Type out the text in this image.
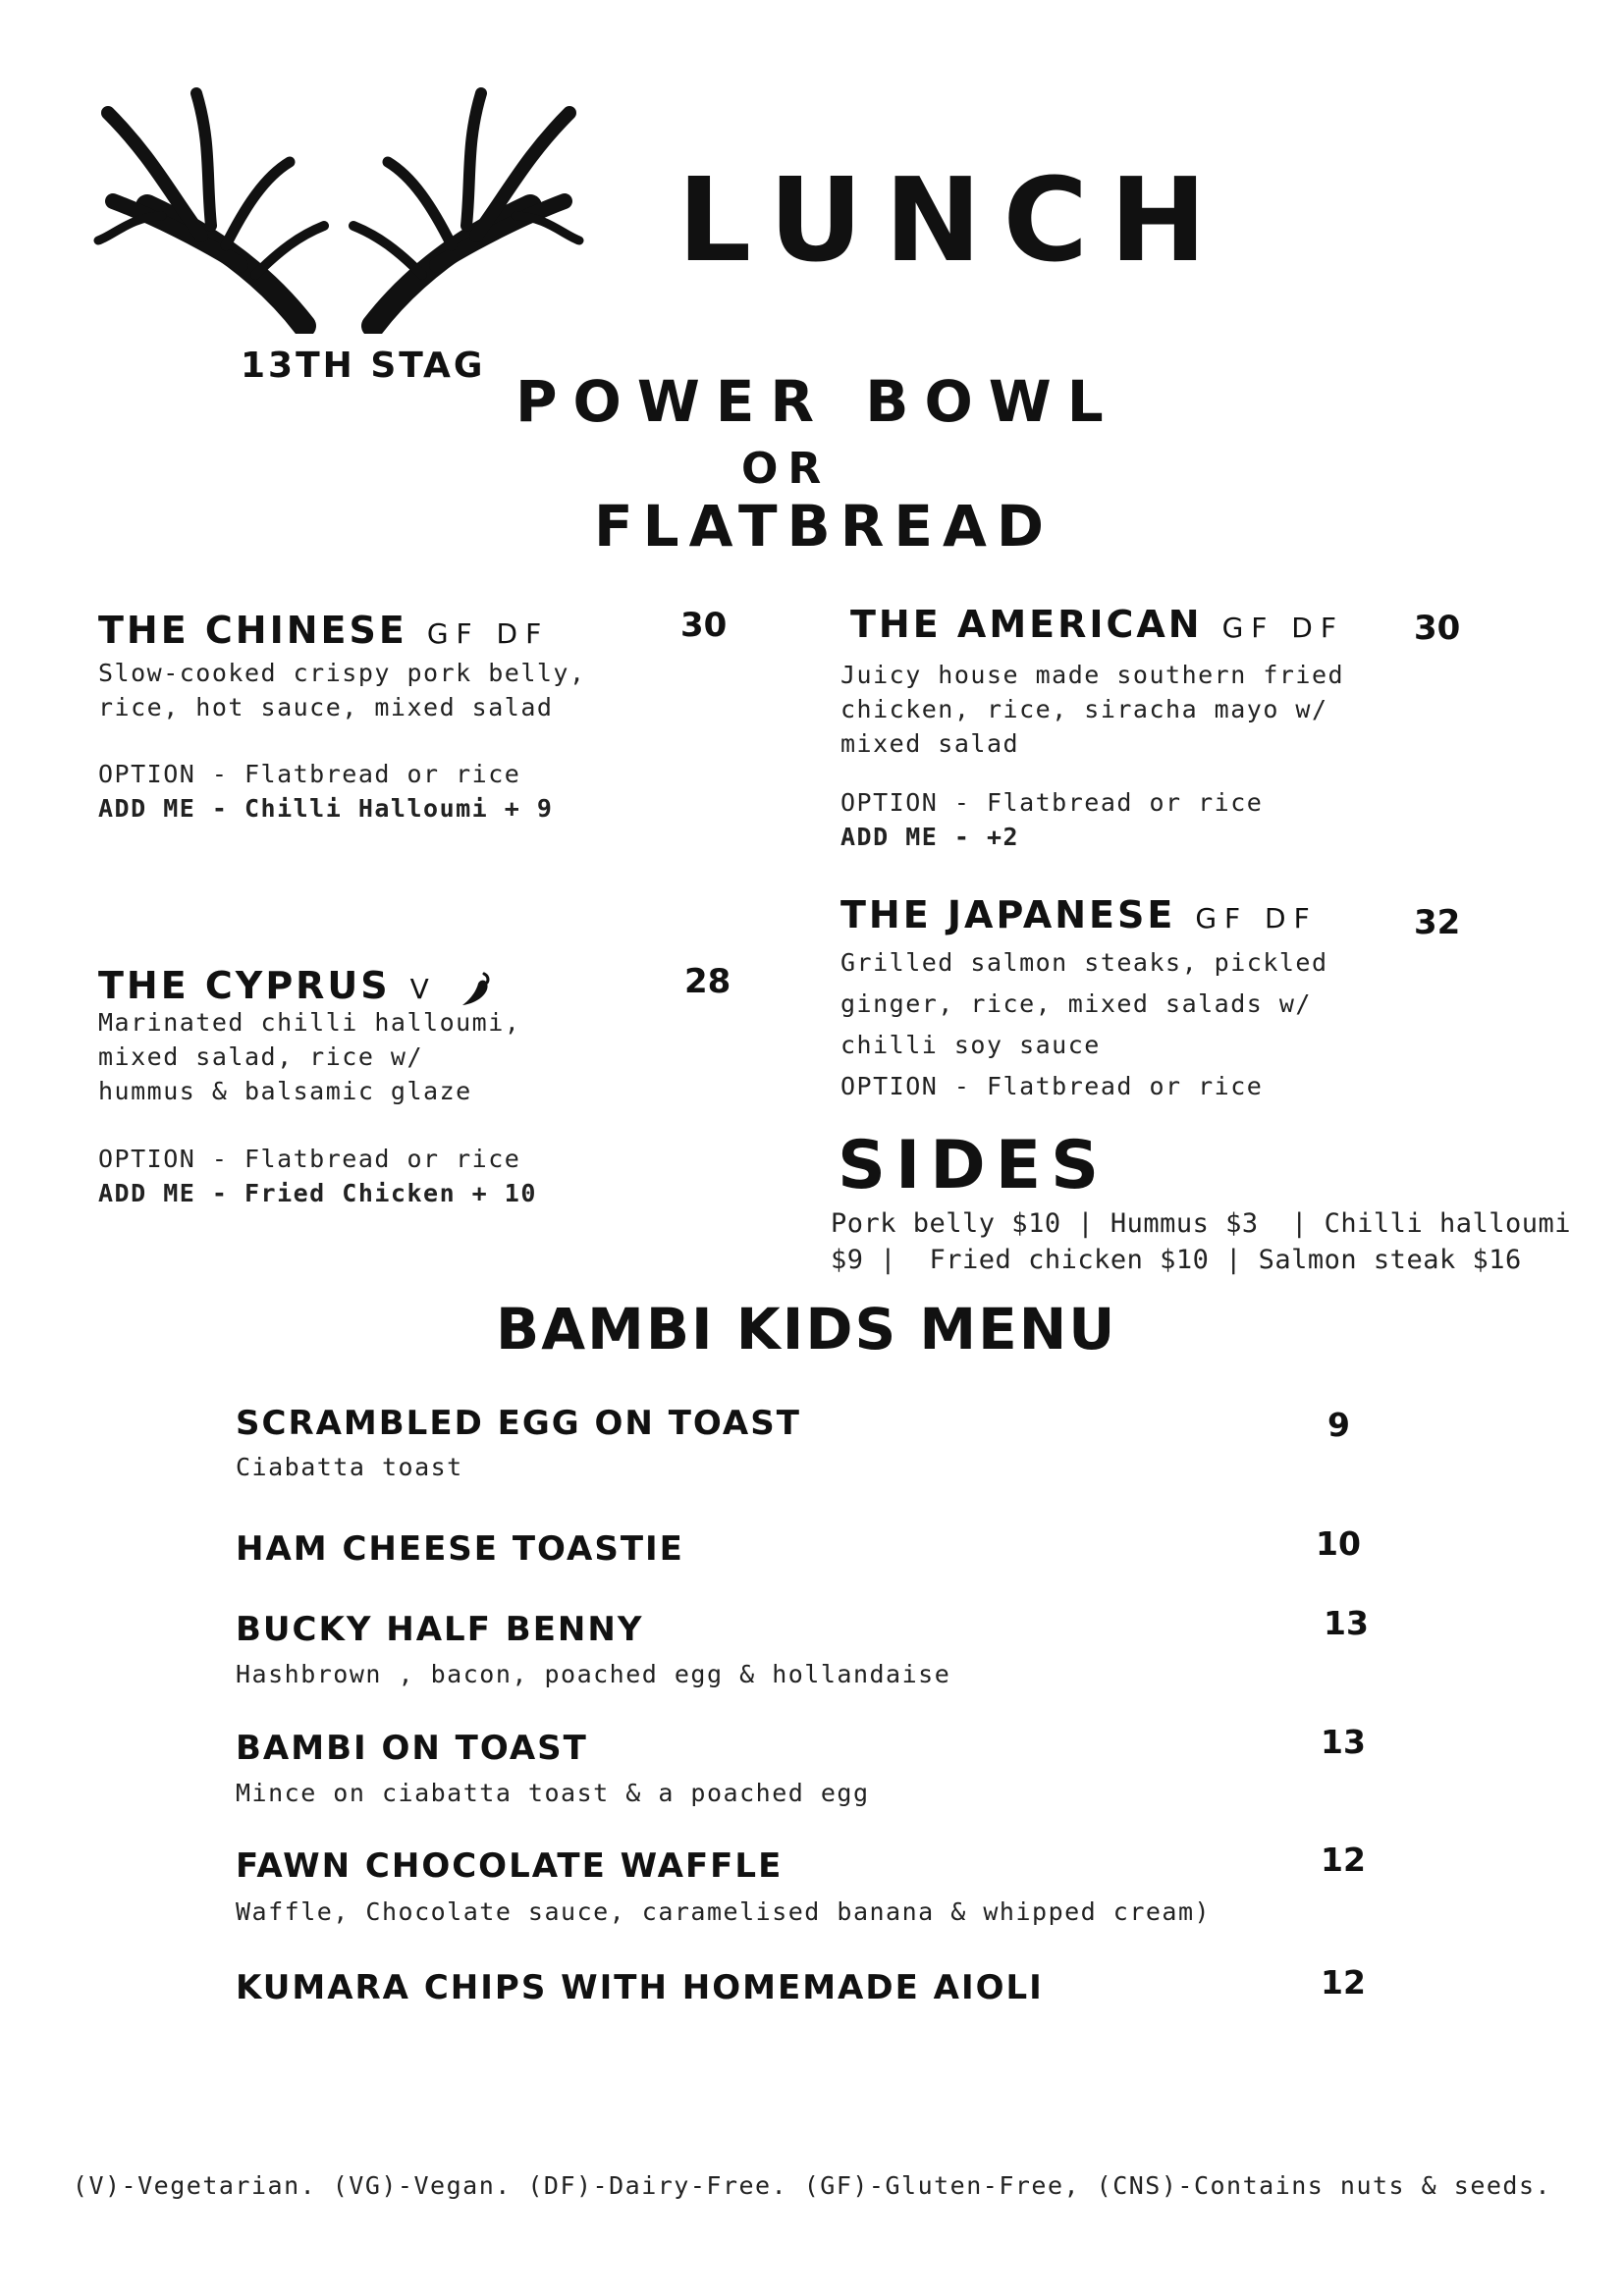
13TH STAG
LUNCH
POWER BOWL
OR
FLATBREAD
THE CHINESE GF DF	30
Slow-cooked crispy pork belly,
rice, hot sauce, mixed salad
OPTION - Flatbread or rice
ADD ME - Chilli Halloumi + 9
THE CYPRUS V	28
Marinated chilli halloumi,
mixed salad, rice w/
hummus & balsamic glaze
OPTION - Flatbread or rice
ADD ME - Fried Chicken + 10
THE AMERICAN GF DF 30
Juicy house made southern fried
chicken, rice, siracha mayo w/
mixed salad
OPTION - Flatbread or rice
ADD ME - +2
THE JAPANESE GF DF	32
Grilled salmon steaks, pickled
ginger, rice, mixed salads w/
chilli soy sauce
OPTION - Flatbread or rice
SIDES
Pork belly $10 | Hummus $3  | Chilli halloumi
$9 |  Fried chicken $10 | Salmon steak $16
BAMBI KIDS MENU
SCRAMBLED EGG ON TOAST	9
Ciabatta toast
HAM CHEESE TOASTIE	10
BUCKY HALF BENNY	13
Hashbrown , bacon, poached egg & hollandaise
BAMBI ON TOAST	13
Mince on ciabatta toast & a poached egg
FAWN CHOCOLATE WAFFLE	12
Waffle, Chocolate sauce, caramelised banana & whipped cream)
KUMARA CHIPS WITH HOMEMADE AIOLI	12
(V)-Vegetarian. (VG)-Vegan. (DF)-Dairy-Free. (GF)-Gluten-Free, (CNS)-Contains nuts & seeds.
